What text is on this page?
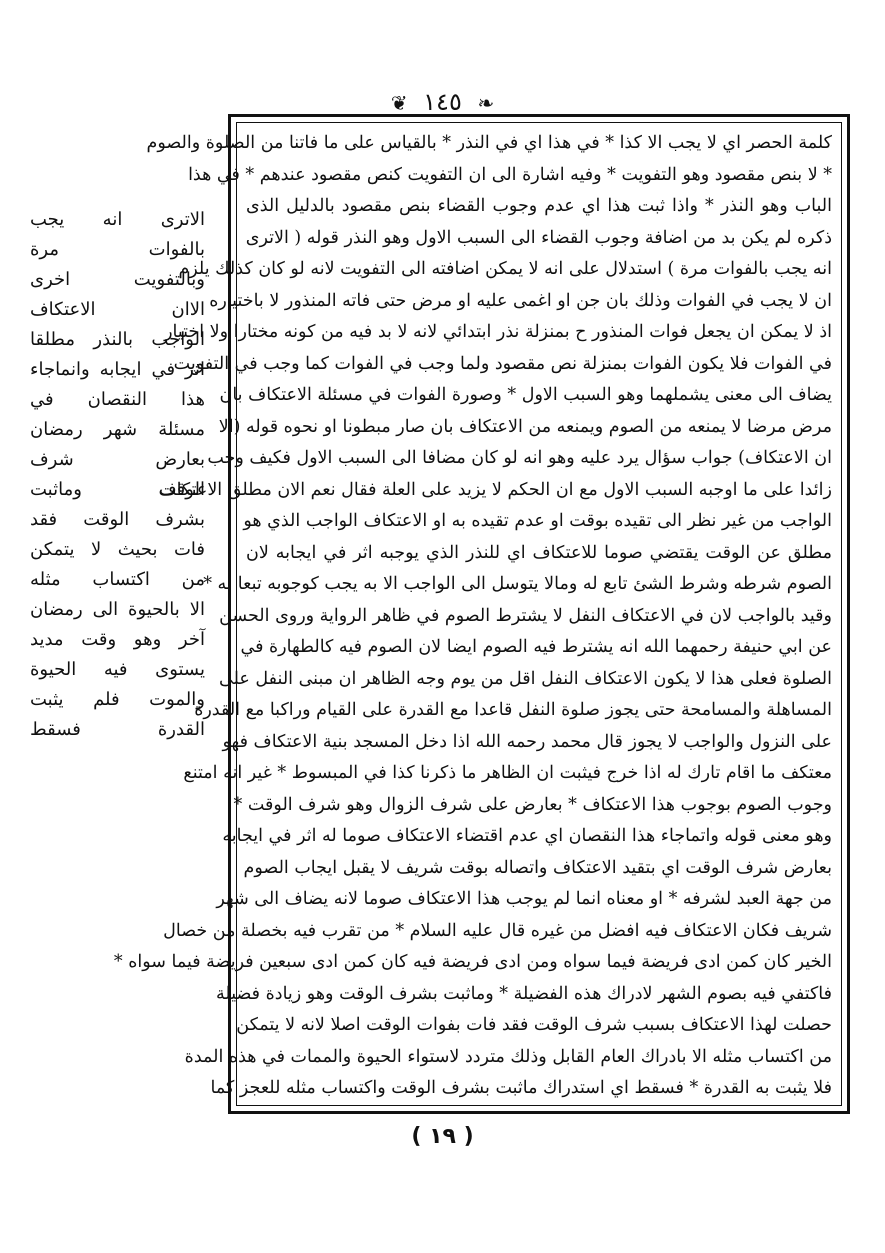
❦ ١٤٥ ❧
كلمة الحصر اي لا يجب الا كذا * في هذا اي في النذر * بالقياس على ما فاتنا من الصلوة والصوم
* لا بنص مقصود وهو التفويت * وفيه اشارة الى ان التفويت كنص مقصود عندهم * في هذا
الباب وهو النذر * واذا ثبت هذا اي عدم وجوب القضاء بنص مقصود بالدليل الذى
ذكره لم يكن بد من اضافة وجوب القضاء الى السبب الاول وهو النذر قوله ( الاترى
انه يجب بالفوات مرة ) استدلال على انه لا يمكن اضافته الى التفويت لانه لو كان كذلك يلزم
ان لا يجب في الفوات وذلك بان جن او اغمى عليه او مرض حتى فاته المنذور لا باختياره
اذ لا يمكن ان يجعل فوات المنذور ح بمنزلة نذر ابتدائي لانه لا بد فيه من كونه مختارا ولا اختيار
في الفوات فلا يكون الفوات بمنزلة نص مقصود ولما وجب في الفوات كما وجب في التفويت
يضاف الى معنى يشملهما وهو السبب الاول * وصورة الفوات في مسئلة الاعتكاف بان
مرض مرضا لا يمنعه من الصوم ويمنعه من الاعتكاف بان صار مبطونا او نحوه قوله (الا
ان الاعتكاف) جواب سؤال يرد عليه وهو انه لو كان مضافا الى السبب الاول فكيف وجب
زائدا على ما اوجبه السبب الاول مع ان الحكم لا يزيد على العلة فقال نعم الان مطلق الاعتكاف
الواجب من غير نظر الى تقيده بوقت او عدم تقيده به او الاعتكاف الواجب الذي هو
مطلق عن الوقت يقتضي صوما للاعتكاف اي للنذر الذي يوجبه اثر في ايجابه لان
الصوم شرطه وشرط الشئ تابع له ومالا يتوسل الى الواجب الا به يجب كوجوبه تبعا له *
وقيد بالواجب لان في الاعتكاف النفل لا يشترط الصوم في ظاهر الرواية وروى الحسن
عن ابي حنيفة رحمهما الله انه يشترط فيه الصوم ايضا لان الصوم فيه كالطهارة في
الصلوة فعلى هذا لا يكون الاعتكاف النفل اقل من يوم وجه الظاهر ان مبنى النفل على
المساهلة والمسامحة حتى يجوز صلوة النفل قاعدا مع القدرة على القيام وراكبا مع القدرة
على النزول والواجب لا يجوز قال محمد رحمه الله اذا دخل المسجد بنية الاعتكاف فهو
معتكف ما اقام تارك له اذا خرج فيثبت ان الظاهر ما ذكرنا كذا في المبسوط * غير انه امتنع
وجوب الصوم بوجوب هذا الاعتكاف * بعارض على شرف الزوال وهو شرف الوقت *
وهو معنى قوله واتماجاء هذا النقصان اي عدم اقتضاء الاعتكاف صوما له اثر في ايجابه
بعارض شرف الوقت اي بتقيد الاعتكاف واتصاله بوقت شريف لا يقبل ايجاب الصوم
من جهة العبد لشرفه * او معناه انما لم يوجب هذا الاعتكاف صوما لانه يضاف الى شهر
شريف فكان الاعتكاف فيه افضل من غيره قال عليه السلام * من تقرب فيه بخصلة من خصال
الخير كان كمن ادى فريضة فيما سواه ومن ادى فريضة فيه كان كمن ادى سبعين فريضة فيما سواه *
فاكتفي فيه بصوم الشهر لادراك هذه الفضيلة * وماثبت بشرف الوقت وهو زيادة فضيلة
حصلت لهذا الاعتكاف بسبب شرف الوقت فقد فات بفوات الوقت اصلا لانه لا يتمكن
من اكتساب مثله الا بادراك العام القابل وذلك متردد لاستواء الحيوة والممات في هذه المدة
فلا يثبت به القدرة * فسقط اي استدراك ماثبت بشرف الوقت واكتساب مثله للعجز كما
الاترى انه يجب
بالفوات مرة
وبالتفويت اخرى
الاان الاعتكاف
الواجب بالنذر مطلقا
اثر في ايجابه وانماجاء
هذا النقصان في
مسئلة شهر رمضان
بعارض شرف
الوقت وماثبت
بشرف الوقت فقد
فات بحيث لا يتمكن
من اكتساب مثله
الا بالحيوة الى رمضان
آخر وهو وقت مديد
يستوى فيه الحيوة
والموت فلم يثبت
القدرة فسقط
( ١٩ )
